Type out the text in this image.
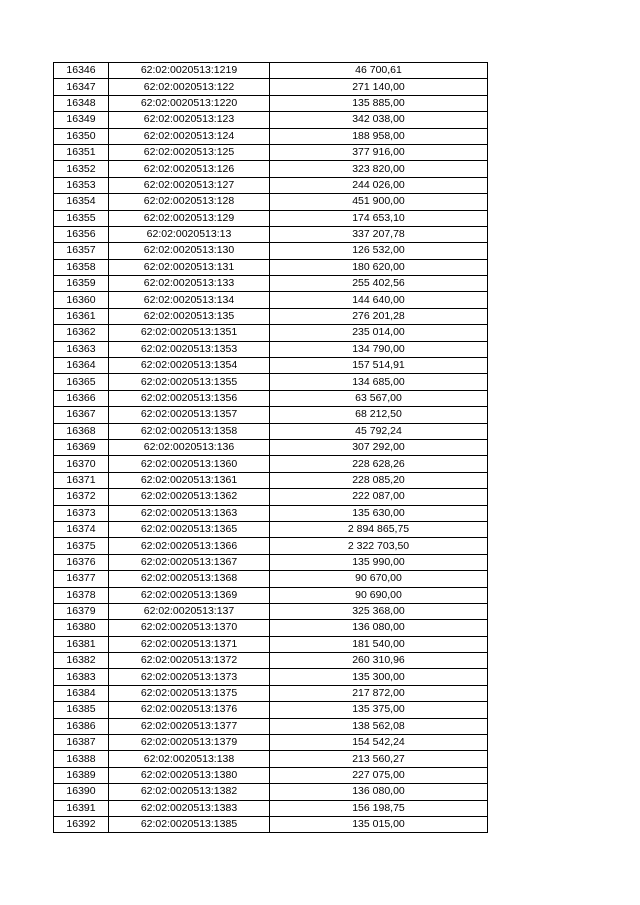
16346	62:02:0020513:1219	46 700,61
16347	62:02:0020513:122	271 140,00
16348	62:02:0020513:1220	135 885,00
16349	62:02:0020513:123	342 038,00
16350	62:02:0020513:124	188 958,00
16351	62:02:0020513:125	377 916,00
16352	62:02:0020513:126	323 820,00
16353	62:02:0020513:127	244 026,00
16354	62:02:0020513:128	451 900,00
16355	62:02:0020513:129	174 653,10
16356	62:02:0020513:13	337 207,78
16357	62:02:0020513:130	126 532,00
16358	62:02:0020513:131	180 620,00
16359	62:02:0020513:133	255 402,56
16360	62:02:0020513:134	144 640,00
16361	62:02:0020513:135	276 201,28
16362	62:02:0020513:1351	235 014,00
16363	62:02:0020513:1353	134 790,00
16364	62:02:0020513:1354	157 514,91
16365	62:02:0020513:1355	134 685,00
16366	62:02:0020513:1356	63 567,00
16367	62:02:0020513:1357	68 212,50
16368	62:02:0020513:1358	45 792,24
16369	62:02:0020513:136	307 292,00
16370	62:02:0020513:1360	228 628,26
16371	62:02:0020513:1361	228 085,20
16372	62:02:0020513:1362	222 087,00
16373	62:02:0020513:1363	135 630,00
16374	62:02:0020513:1365	2 894 865,75
16375	62:02:0020513:1366	2 322 703,50
16376	62:02:0020513:1367	135 990,00
16377	62:02:0020513:1368	90 670,00
16378	62:02:0020513:1369	90 690,00
16379	62:02:0020513:137	325 368,00
16380	62:02:0020513:1370	136 080,00
16381	62:02:0020513:1371	181 540,00
16382	62:02:0020513:1372	260 310,96
16383	62:02:0020513:1373	135 300,00
16384	62:02:0020513:1375	217 872,00
16385	62:02:0020513:1376	135 375,00
16386	62:02:0020513:1377	138 562,08
16387	62:02:0020513:1379	154 542,24
16388	62:02:0020513:138	213 560,27
16389	62:02:0020513:1380	227 075,00
16390	62:02:0020513:1382	136 080,00
16391	62:02:0020513:1383	156 198,75
16392	62:02:0020513:1385	135 015,00
